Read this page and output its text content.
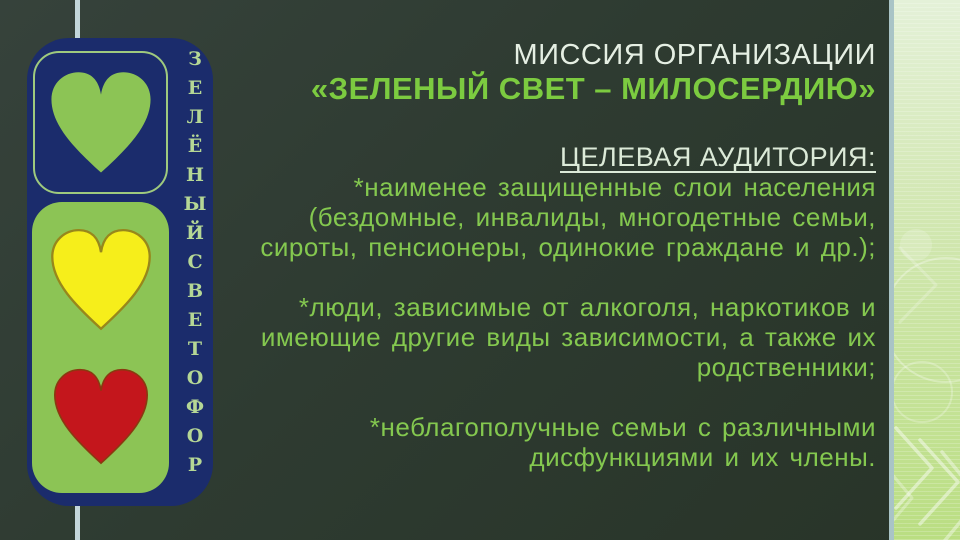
ЗЕЛЁНЫЙ
СВЕТОФОР
МИССИЯ ОРГАНИЗАЦИИ
«ЗЕЛЕНЫЙ СВЕТ – МИЛОСЕРДИЮ»
ЦЕЛЕВАЯ АУДИТОРИЯ:
*наименее защищенные слои населения
(бездомные, инвалиды, многодетные семьи,
сироты, пенсионеры, одинокие граждане и др.);
*люди, зависимые от алкоголя, наркотиков и
имеющие другие виды зависимости, а также их
родственники;
*неблагополучные семьи с различными
дисфункциями и их члены.
